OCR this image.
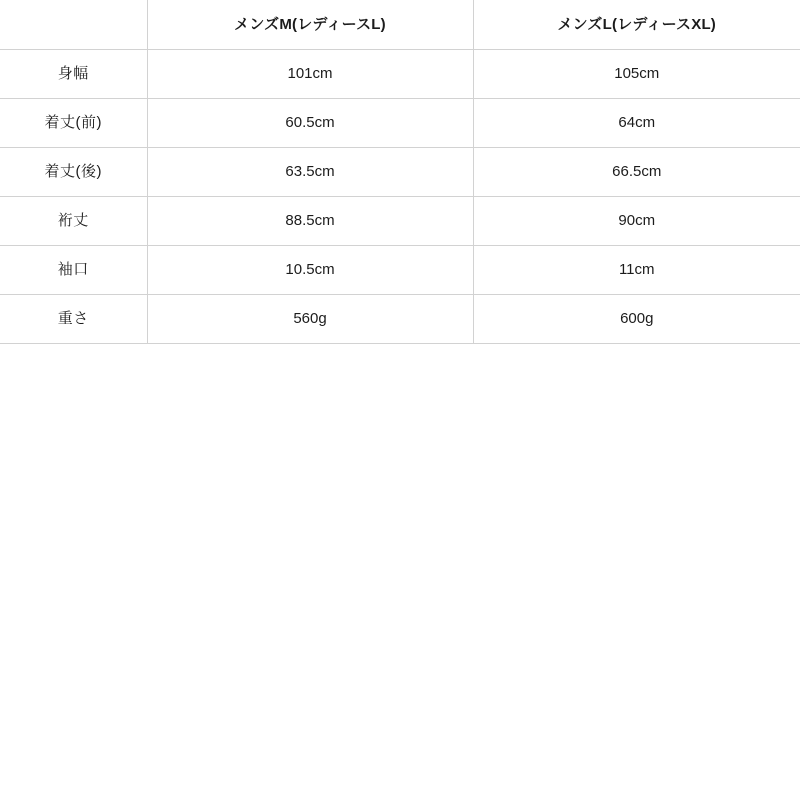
	メンズM(レディースL)	メンズL(レディースXL)
身幅	101cm	105cm
着丈(前)	60.5cm	64cm
着丈(後)	63.5cm	66.5cm
裄丈	88.5cm	90cm
袖口	10.5cm	11cm
重さ	560g	600g
